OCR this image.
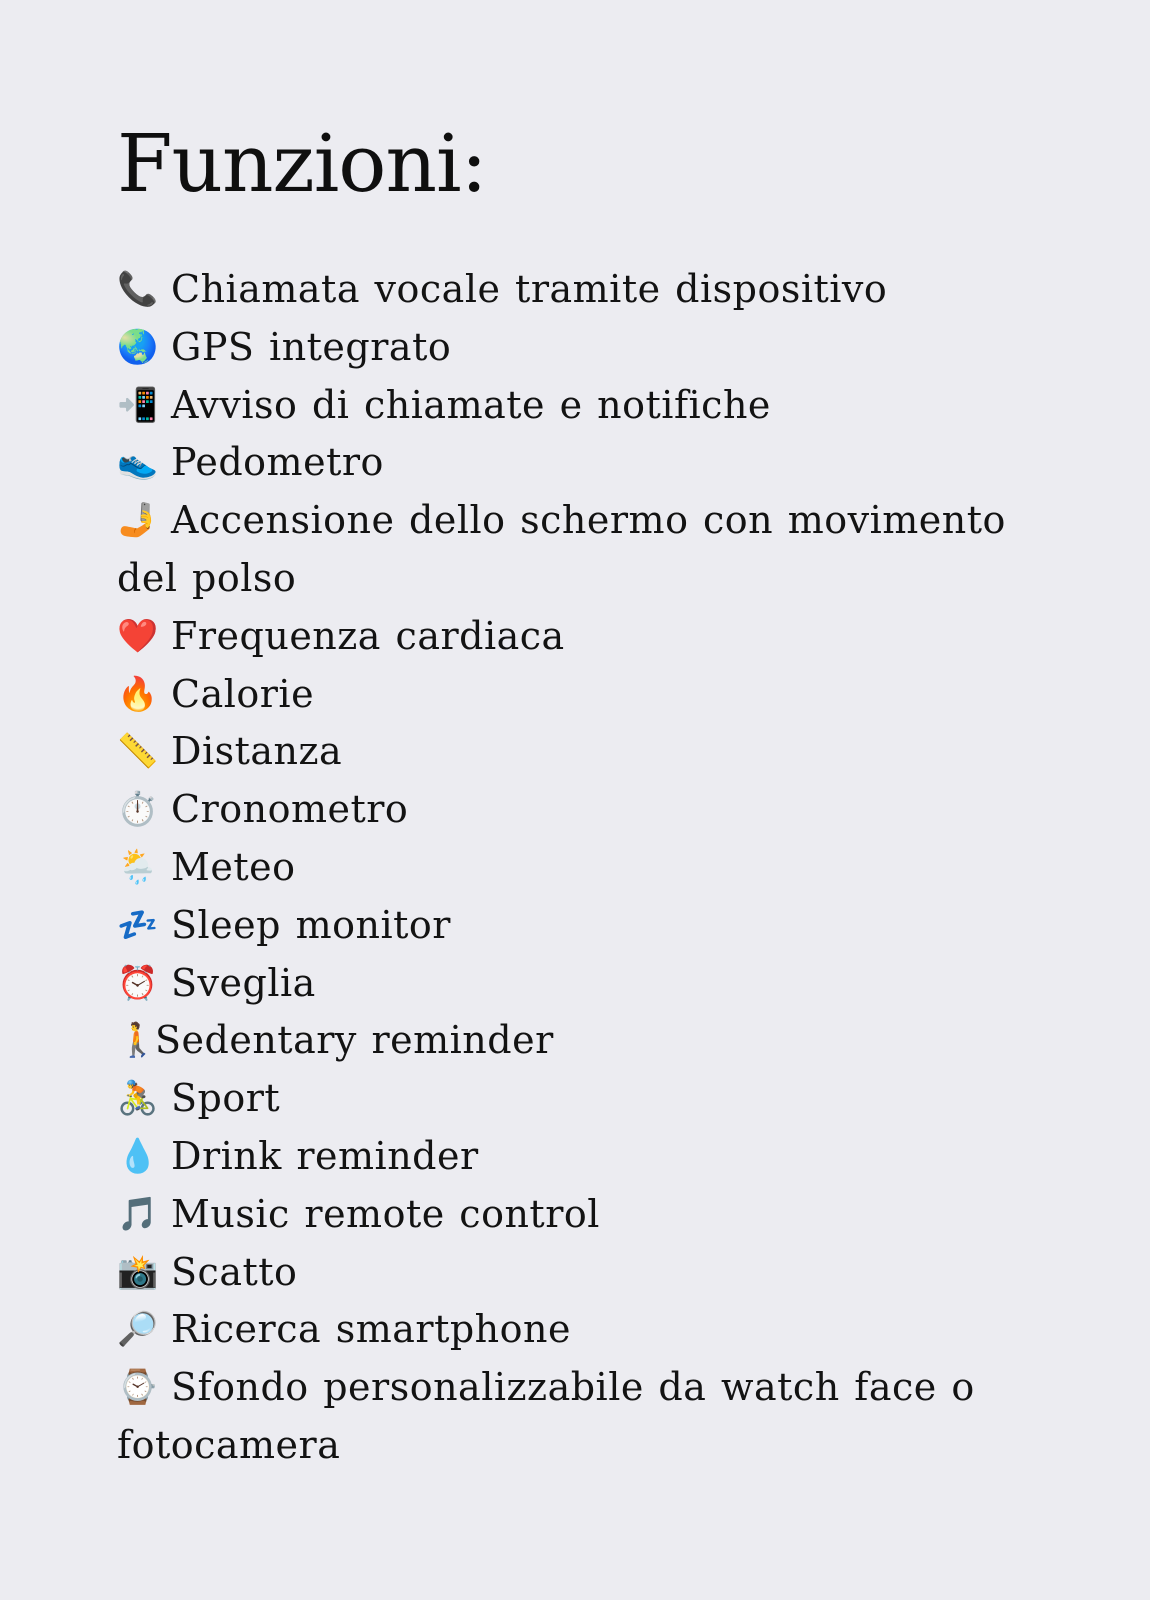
Funzioni:
📞 Chiamata vocale tramite dispositivo
🌏 GPS integrato
📲 Avviso di chiamate e notifiche
👟 Pedometro
🤳 Accensione dello schermo con movimento del polso
❤️ Frequenza cardiaca
🔥 Calorie
📏 Distanza
⏱️ Cronometro
🌦️ Meteo
💤 Sleep monitor
⏰ Sveglia
🚶Sedentary reminder
🚴 Sport
💧 Drink reminder
🎵 Music remote control
📸 Scatto
🔎 Ricerca smartphone
⌚ Sfondo personalizzabile da watch face o fotocamera
